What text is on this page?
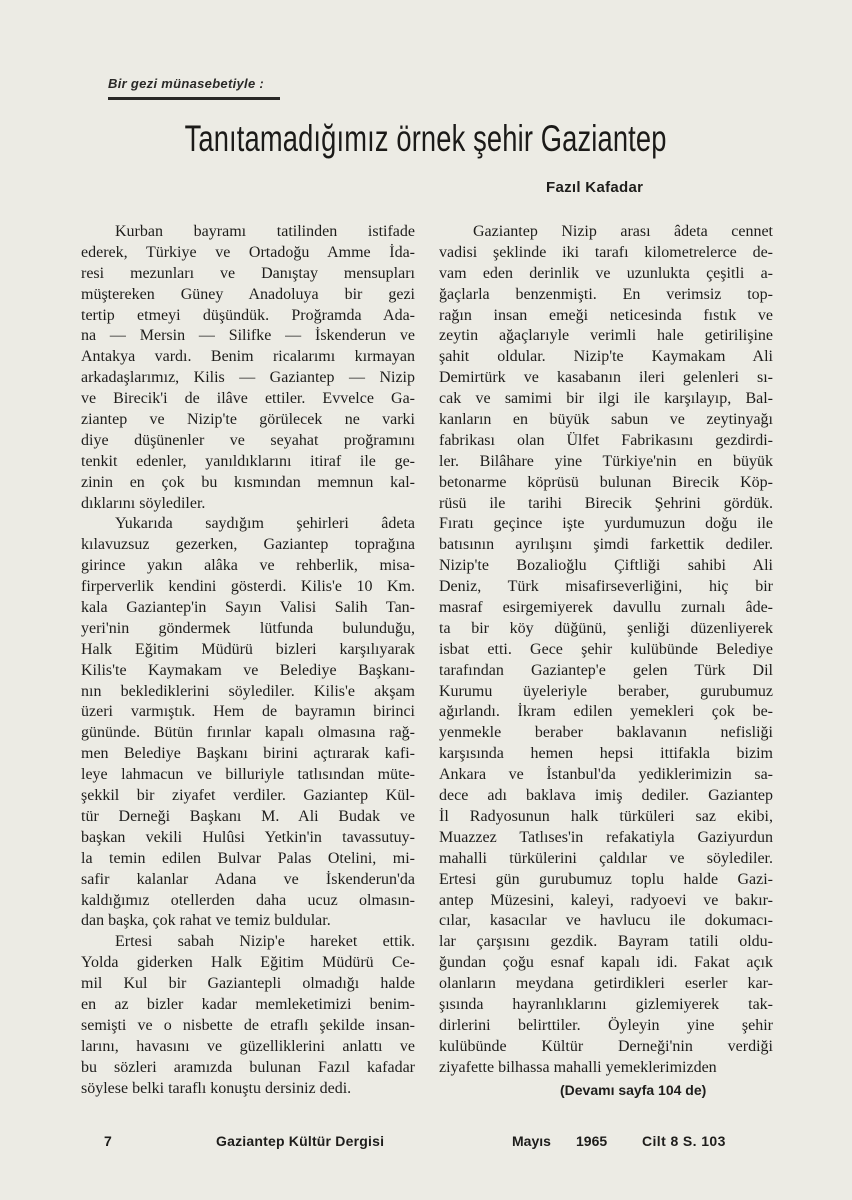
Bir gezi münasebetiyle :
Tanıtamadığımız örnek şehir Gaziantep
Fazıl Kafadar
Kurban bayramı tatilinden istifade
ederek, Türkiye ve Ortadoğu Amme İda-
resi mezunları ve Danıştay mensupları
müştereken Güney Anadoluya bir gezi
tertip etmeyi düşündük. Proğramda Ada-
na — Mersin — Silifke — İskenderun ve
Antakya vardı. Benim ricalarımı kırmayan
arkadaşlarımız, Kilis — Gaziantep — Nizip
ve Birecik'i de ilâve ettiler. Evvelce Ga-
ziantep ve Nizip'te görülecek ne varki
diye düşünenler ve seyahat proğramını
tenkit edenler, yanıldıklarını itiraf ile ge-
zinin en çok bu kısmından memnun kal-
dıklarını söylediler.
Yukarıda saydığım şehirleri âdeta
kılavuzsuz gezerken, Gaziantep toprağına
girince yakın alâka ve rehberlik, misa-
firperverlik kendini gösterdi. Kilis'e 10 Km.
kala Gaziantep'in Sayın Valisi Salih Tan-
yeri'nin göndermek lütfunda bulunduğu,
Halk Eğitim Müdürü bizleri karşılıyarak
Kilis'te Kaymakam ve Belediye Başkanı-
nın beklediklerini söylediler. Kilis'e akşam
üzeri varmıştık. Hem de bayramın birinci
gününde. Bütün fırınlar kapalı olmasına rağ-
men Belediye Başkanı birini açtırarak kafi-
leye lahmacun ve billuriyle tatlısından müte-
şekkil bir ziyafet verdiler. Gaziantep Kül-
tür Derneği Başkanı M. Ali Budak ve
başkan vekili Hulûsi Yetkin'in tavassutuy-
la temin edilen Bulvar Palas Otelini, mi-
safir kalanlar Adana ve İskenderun'da
kaldığımız otellerden daha ucuz olmasın-
dan başka, çok rahat ve temiz buldular.
Ertesi sabah Nizip'e hareket ettik.
Yolda giderken Halk Eğitim Müdürü Ce-
mil Kul bir Gaziantepli olmadığı halde
en az bizler kadar memleketimizi benim-
semişti ve o nisbette de etraflı şekilde insan-
larını, havasını ve güzelliklerini anlattı ve
bu sözleri aramızda bulunan Fazıl kafadar
söylese belki taraflı konuştu dersiniz dedi.
Gaziantep Nizip arası âdeta cennet
vadisi şeklinde iki tarafı kilometrelerce de-
vam eden derinlik ve uzunlukta çeşitli a-
ğaçlarla benzenmişti. En verimsiz top-
rağın insan emeği neticesinda fıstık ve
zeytin ağaçlarıyle verimli hale getirilişine
şahit oldular. Nizip'te Kaymakam Ali
Demirtürk ve kasabanın ileri gelenleri sı-
cak ve samimi bir ilgi ile karşılayıp, Bal-
kanların en büyük sabun ve zeytinyağı
fabrikası olan Ülfet Fabrikasını gezdirdi-
ler. Bilâhare yine Türkiye'nin en büyük
betonarme köprüsü bulunan Birecik Köp-
rüsü ile tarihi Birecik Şehrini gördük.
Fıratı geçince işte yurdumuzun doğu ile
batısının ayrılışını şimdi farkettik dediler.
Nizip'te Bozalioğlu Çiftliği sahibi Ali
Deniz, Türk misafirseverliğini, hiç bir
masraf esirgemiyerek davullu zurnalı âde-
ta bir köy düğünü, şenliği düzenliyerek
isbat etti. Gece şehir kulübünde Belediye
tarafından Gaziantep'e gelen Türk Dil
Kurumu üyeleriyle beraber, gurubumuz
ağırlandı. İkram edilen yemekleri çok be-
yenmekle beraber baklavanın nefisliği
karşısında hemen hepsi ittifakla bizim
Ankara ve İstanbul'da yediklerimizin sa-
dece adı baklava imiş dediler. Gaziantep
İl Radyosunun halk türküleri saz ekibi,
Muazzez Tatlıses'in refakatiyla Gaziyurdun
mahalli türkülerini çaldılar ve söylediler.
Ertesi gün gurubumuz toplu halde Gazi-
antep Müzesini, kaleyi, radyoevi ve bakır-
cılar, kasacılar ve havlucu ile dokumacı-
lar çarşısını gezdik. Bayram tatili oldu-
ğundan çoğu esnaf kapalı idi. Fakat açık
olanların meydana getirdikleri eserler kar-
şısında hayranlıklarını gizlemiyerek tak-
dirlerini belirttiler. Öyleyin yine şehir
kulübünde Kültür Derneği'nin verdiği
ziyafette bilhassa mahalli yemeklerimizden
(Devamı sayfa 104 de)
7	Gaziantep Kültür Dergisi	Mayıs 1965 Cilt 8 S. 103
